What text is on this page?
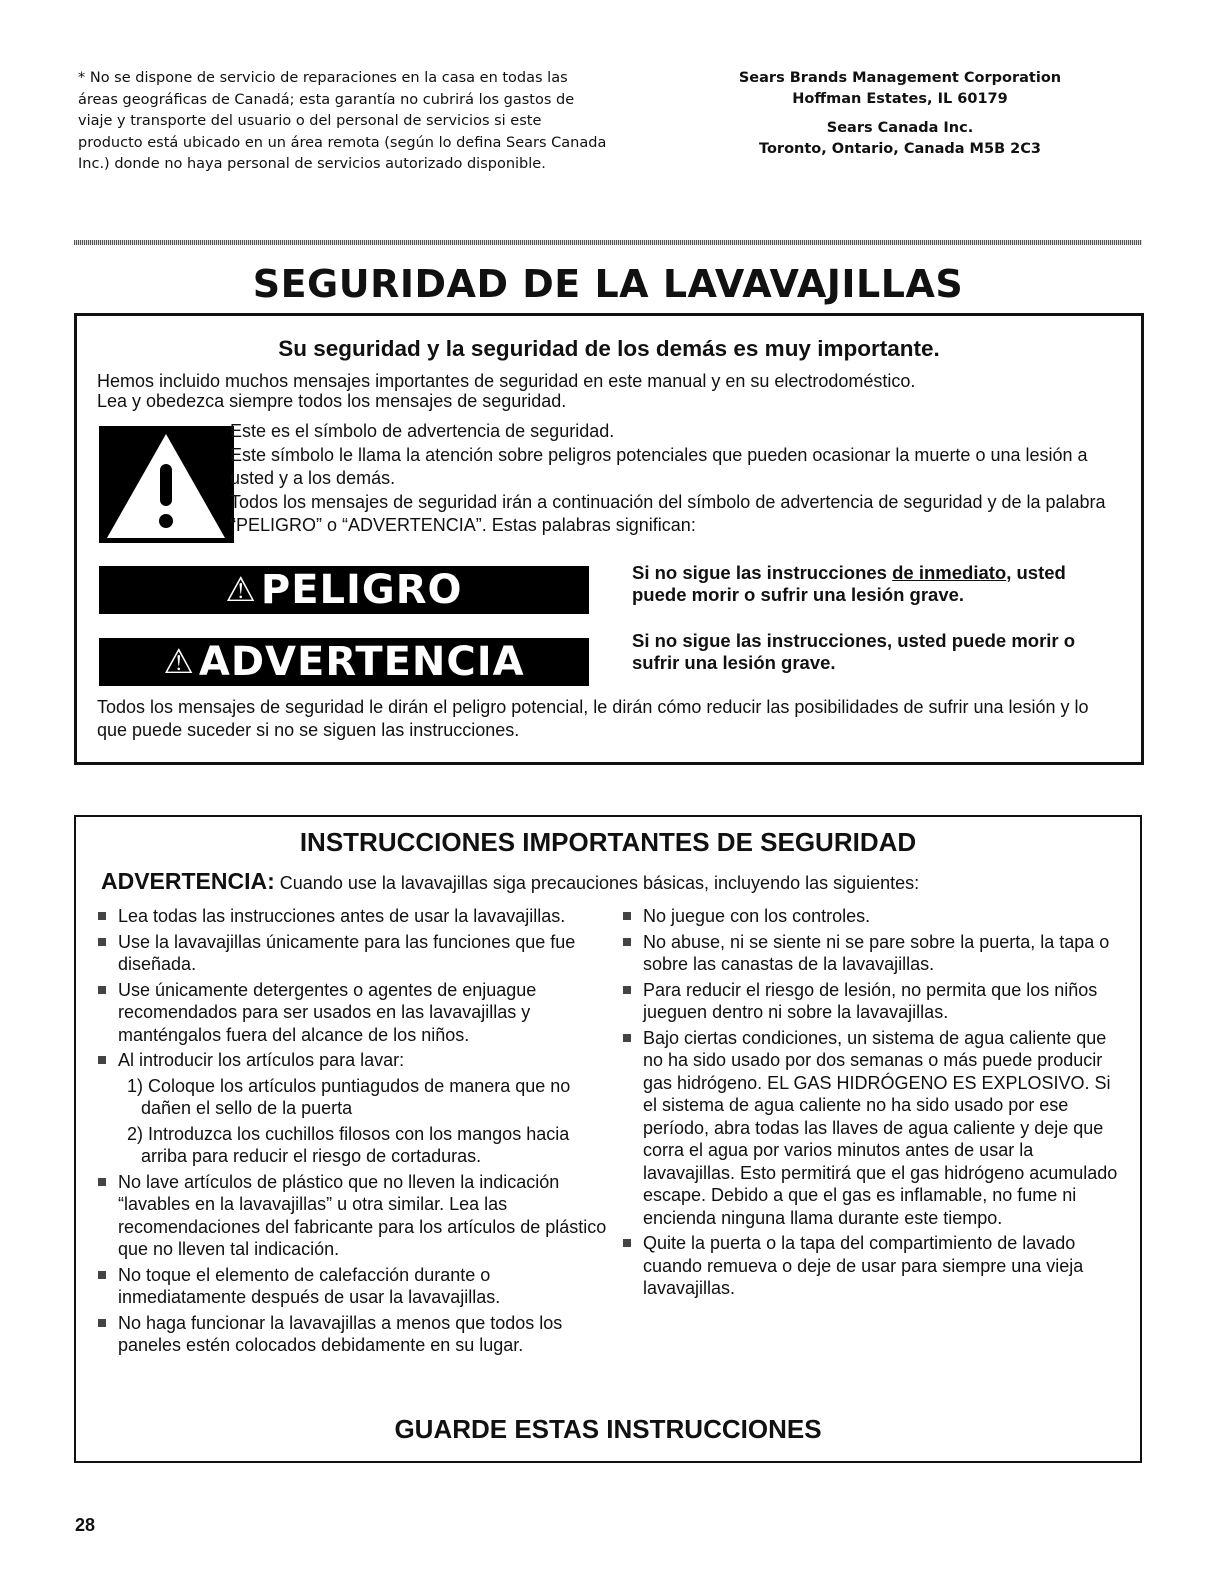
* No se dispone de servicio de reparaciones en la casa en todas las áreas geográficas de Canadá; esta garantía no cubrirá los gastos de viaje y transporte del usuario o del personal de servicios si este producto está ubicado en un área remota (según lo defina Sears Canada Inc.) donde no haya personal de servicios autorizado disponible.
Sears Brands Management Corporation
Hoffman Estates, IL 60179
Sears Canada Inc.
Toronto, Ontario, Canada M5B 2C3
SEGURIDAD DE LA LAVAVAJILLAS
Su seguridad y la seguridad de los demás es muy importante.
Hemos incluido muchos mensajes importantes de seguridad en este manual y en su electrodoméstico.
Lea y obedezca siempre todos los mensajes de seguridad.
Este es el símbolo de advertencia de seguridad.
Este símbolo le llama la atención sobre peligros potenciales que pueden ocasionar la muerte o una lesión a usted y a los demás.
Todos los mensajes de seguridad irán a continuación del símbolo de advertencia de seguridad y de la palabra “PELIGRO” o “ADVERTENCIA”. Estas palabras significan:
⚠ PELIGRO	Si no sigue las instrucciones de inmediato, usted puede morir o sufrir una lesión grave.
⚠ ADVERTENCIA	Si no sigue las instrucciones, usted puede morir o sufrir una lesión grave.
Todos los mensajes de seguridad le dirán el peligro potencial, le dirán cómo reducir las posibilidades de sufrir una lesión y lo que puede suceder si no se siguen las instrucciones.
INSTRUCCIONES IMPORTANTES DE SEGURIDAD
ADVERTENCIA: Cuando use la lavavajillas siga precauciones básicas, incluyendo las siguientes:
Lea todas las instrucciones antes de usar la lavavajillas.
Use la lavavajillas únicamente para las funciones que fue diseñada.
Use únicamente detergentes o agentes de enjuague recomendados para ser usados en las lavavajillas y manténgalos fuera del alcance de los niños.
Al introducir los artículos para lavar:
1) Coloque los artículos puntiagudos de manera que no dañen el sello de la puerta
2) Introduzca los cuchillos filosos con los mangos hacia arriba para reducir el riesgo de cortaduras.
No lave artículos de plástico que no lleven la indicación “lavables en la lavavajillas” u otra similar. Lea las recomendaciones del fabricante para los artículos de plástico que no lleven tal indicación.
No toque el elemento de calefacción durante o inmediatamente después de usar la lavavajillas.
No haga funcionar la lavavajillas a menos que todos los paneles estén colocados debidamente en su lugar.
No juegue con los controles.
No abuse, ni se siente ni se pare sobre la puerta, la tapa o sobre las canastas de la lavavajillas.
Para reducir el riesgo de lesión, no permita que los niños jueguen dentro ni sobre la lavavajillas.
Bajo ciertas condiciones, un sistema de agua caliente que no ha sido usado por dos semanas o más puede producir gas hidrógeno. EL GAS HIDRÓGENO ES EXPLOSIVO. Si el sistema de agua caliente no ha sido usado por ese período, abra todas las llaves de agua caliente y deje que corra el agua por varios minutos antes de usar la lavavajillas. Esto permitirá que el gas hidrógeno acumulado escape. Debido a que el gas es inflamable, no fume ni encienda ninguna llama durante este tiempo.
Quite la puerta o la tapa del compartimiento de lavado cuando remueva o deje de usar para siempre una vieja lavavajillas.
GUARDE ESTAS INSTRUCCIONES
28
